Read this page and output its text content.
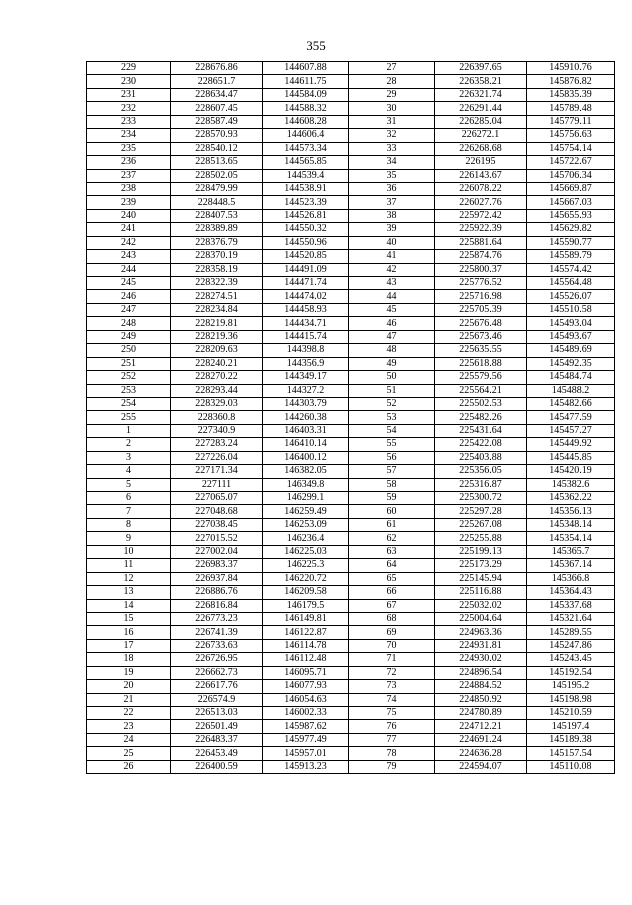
355
229	228676.86	144607.88	27	226397.65	145910.76
230	228651.7	144611.75	28	226358.21	145876.82
231	228634.47	144584.09	29	226321.74	145835.39
232	228607.45	144588.32	30	226291.44	145789.48
233	228587.49	144608.28	31	226285.04	145779.11
234	228570.93	144606.4	32	226272.1	145756.63
235	228540.12	144573.34	33	226268.68	145754.14
236	228513.65	144565.85	34	226195	145722.67
237	228502.05	144539.4	35	226143.67	145706.34
238	228479.99	144538.91	36	226078.22	145669.87
239	228448.5	144523.39	37	226027.76	145667.03
240	228407.53	144526.81	38	225972.42	145655.93
241	228389.89	144550.32	39	225922.39	145629.82
242	228376.79	144550.96	40	225881.64	145590.77
243	228370.19	144520.85	41	225874.76	145589.79
244	228358.19	144491.09	42	225800.37	145574.42
245	228322.39	144471.74	43	225776.52	145564.48
246	228274.51	144474.02	44	225716.98	145526.07
247	228234.84	144458.93	45	225705.39	145510.58
248	228219.81	144434.71	46	225676.48	145493.04
249	228219.36	144415.74	47	225673.46	145493.67
250	228209.63	144398.8	48	225635.55	145489.69
251	228240.21	144356.9	49	225618.88	145492.35
252	228270.22	144349.17	50	225579.56	145484.74
253	228293.44	144327.2	51	225564.21	145488.2
254	228329.03	144303.79	52	225502.53	145482.66
255	228360.8	144260.38	53	225482.26	145477.59
1	227340.9	146403.31	54	225431.64	145457.27
2	227283.24	146410.14	55	225422.08	145449.92
3	227226.04	146400.12	56	225403.88	145445.85
4	227171.34	146382.05	57	225356.05	145420.19
5	227111	146349.8	58	225316.87	145382.6
6	227065.07	146299.1	59	225300.72	145362.22
7	227048.68	146259.49	60	225297.28	145356.13
8	227038.45	146253.09	61	225267.08	145348.14
9	227015.52	146236.4	62	225255.88	145354.14
10	227002.04	146225.03	63	225199.13	145365.7
11	226983.37	146225.3	64	225173.29	145367.14
12	226937.84	146220.72	65	225145.94	145366.8
13	226886.76	146209.58	66	225116.88	145364.43
14	226816.84	146179.5	67	225032.02	145337.68
15	226773.23	146149.81	68	225004.64	145321.64
16	226741.39	146122.87	69	224963.36	145289.55
17	226733.63	146114.78	70	224931.81	145247.86
18	226726.95	146112.48	71	224930.02	145243.45
19	226662.73	146095.71	72	224896.54	145192.54
20	226617.76	146077.93	73	224884.52	145195.2
21	226574.9	146054.63	74	224850.92	145198.98
22	226513.03	146002.33	75	224780.89	145210.59
23	226501.49	145987.62	76	224712.21	145197.4
24	226483.37	145977.49	77	224691.24	145189.38
25	226453.49	145957.01	78	224636.28	145157.54
26	226400.59	145913.23	79	224594.07	145110.08
